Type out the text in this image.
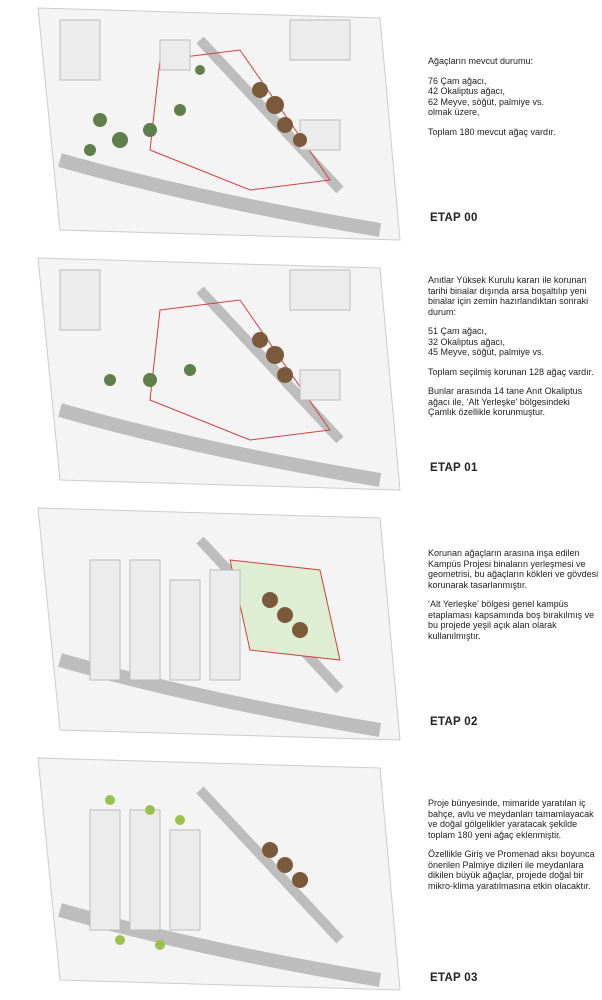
Ağaçların mevcut durumu:

76 Çam ağacı,
42 Okaliptus ağacı,
62 Meyve, söğüt, palmiye vs.
olmak üzere,

Toplam 180 mevcut ağaç vardır.

ETAP 00

Anıtlar Yüksek Kurulu kararı ile korunan tarihi binalar dışında arsa boşaltılıp yeni binalar için zemin hazırlandıktan sonraki durum:

51 Çam ağacı,
32 Okaliptus ağacı,
45 Meyve, söğüt, palmiye vs.

Toplam seçilmiş korunan 128 ağaç vardır.

Bunlar arasında 14 tane Anıt Okaliptus ağacı ile, ‘Alt Yerleşke’ bölgesindeki Çamlık özellikle korunmuştur.

ETAP 01

Korunan ağaçların arasına inşa edilen Kampüs Projesi binaların yerleşmesi ve geometrisi, bu ağaçların kökleri ve gövdesi korunarak tasarlanmıştır.

‘Alt Yerleşke’ bölgesi genel kampüs etaplaması kapsamında boş bırakılmış ve bu projede yeşil açık alan olarak kullanılmıştır.

ETAP 02

Proje bünyesinde, mimaride yaratılan iç bahçe, avlu ve meydanları tamamlayacak ve doğal gölgelikler yaratacak şekilde toplam 180 yeni ağaç eklenmiştir.

Özellikle Giriş ve Promenad aksı boyunca önerilen Palmiye dizileri ile meydanlara dikilen büyük ağaçlar, projede doğal bir mikro-klima yaratılmasına etkin olacaktır.

ETAP 03
